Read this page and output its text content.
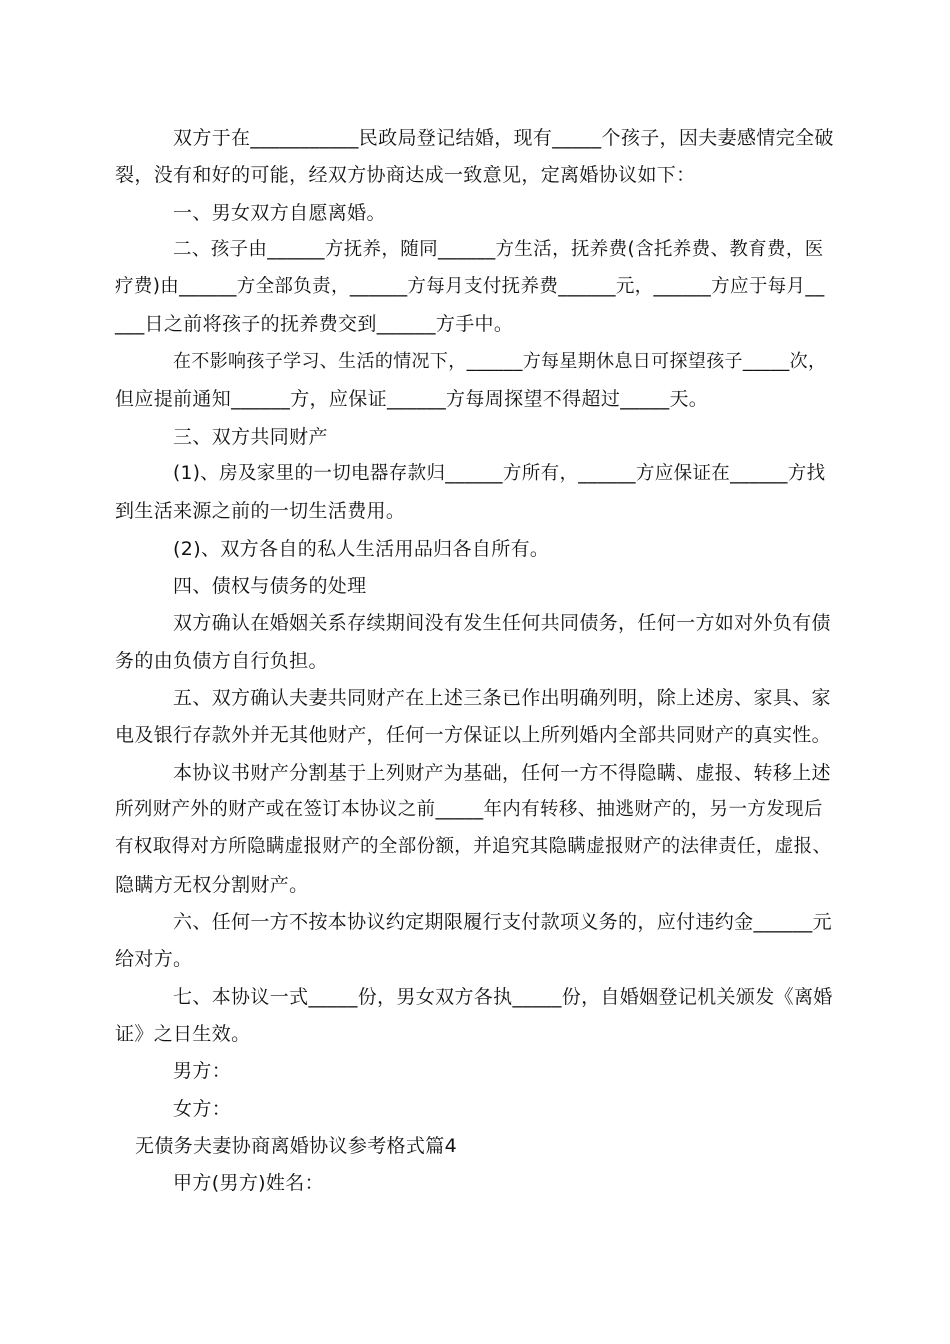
双方于在___________民政局登记结婚，现有_____个孩子，因夫妻感情完全破
裂，没有和好的可能，经双方协商达成一致意见，定离婚协议如下：
一、男女双方自愿离婚。
二、孩子由______方抚养，随同______方生活，抚养费(含托养费、教育费，医
疗费)由______方全部负责，______方每月支付抚养费______元，______方应于每月__
___日之前将孩子的抚养费交到______方手中。
在不影响孩子学习、生活的情况下，______方每星期休息日可探望孩子_____次，
但应提前通知______方，应保证______方每周探望不得超过_____天。
三、双方共同财产
(1)、房及家里的一切电器存款归______方所有，______方应保证在______方找
到生活来源之前的一切生活费用。
(2)、双方各自的私人生活用品归各自所有。
四、债权与债务的处理
双方确认在婚姻关系存续期间没有发生任何共同债务，任何一方如对外负有债
务的由负债方自行负担。
五、双方确认夫妻共同财产在上述三条已作出明确列明，除上述房、家具、家
电及银行存款外并无其他财产，任何一方保证以上所列婚内全部共同财产的真实性。
本协议书财产分割基于上列财产为基础，任何一方不得隐瞒、虚报、转移上述
所列财产外的财产或在签订本协议之前_____年内有转移、抽逃财产的，另一方发现后
有权取得对方所隐瞒虚报财产的全部份额，并追究其隐瞒虚报财产的法律责任，虚报、
隐瞒方无权分割财产。
六、任何一方不按本协议约定期限履行支付款项义务的，应付违约金______元
给对方。
七、本协议一式_____份，男女双方各执_____份，自婚姻登记机关颁发《离婚
证》之日生效。
男方：
女方：
无债务夫妻协商离婚协议参考格式篇4
甲方(男方)姓名：
